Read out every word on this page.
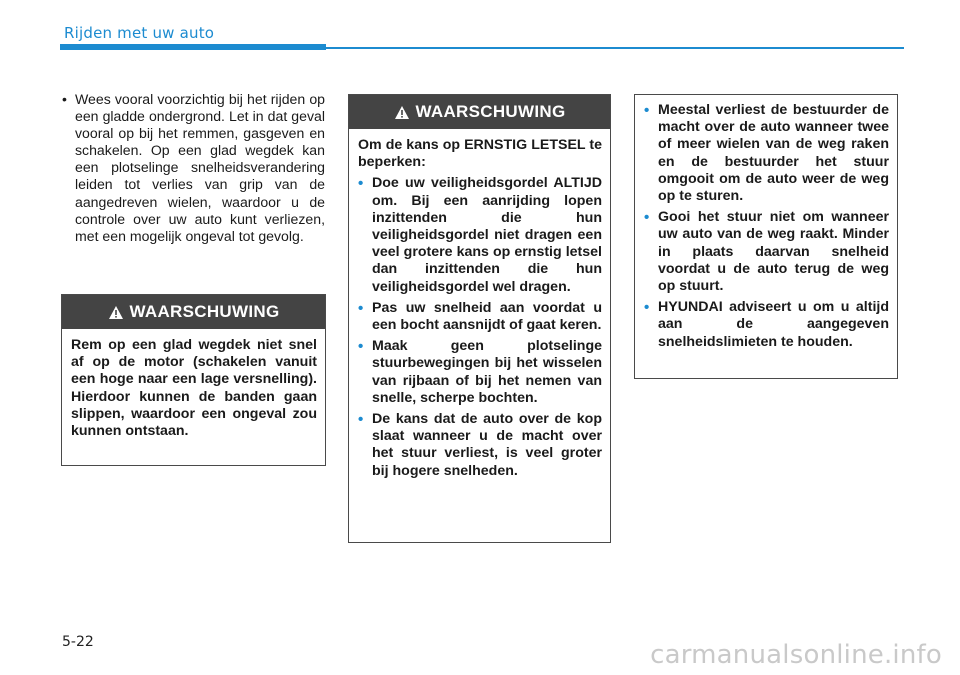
Rijden met uw auto
• Wees vooral voorzichtig bij het rijden op een gladde ondergrond. Let in dat geval vooral op bij het remmen, gasgeven en schakelen. Op een glad wegdek kan een plotselinge snelheidsverandering leiden tot verlies van grip van de aangedreven wielen, waardoor u de controle over uw auto kunt verliezen, met een mogelijk ongeval tot gevolg.
WAARSCHUWING

Rem op een glad wegdek niet snel af op de motor (schakelen vanuit een hoge naar een lage versnelling). Hierdoor kunnen de banden gaan slippen, waardoor een ongeval zou kunnen ontstaan.

WAARSCHUWING

Om de kans op ERNSTIG LETSEL te beperken:

• Doe uw veiligheidsgordel ALTIJD om. Bij een aanrijding lopen inzittenden die hun veiligheidsgordel niet dragen een veel grotere kans op ernstig letsel dan inzittenden die hun veiligheidsgordel wel dragen.
• Pas uw snelheid aan voordat u een bocht aansnijdt of gaat keren.
• Maak geen plotselinge stuurbewegingen bij het wisselen van rijbaan of bij het nemen van snelle, scherpe bochten.
• De kans dat de auto over de kop slaat wanneer u de macht over het stuur verliest, is veel groter bij hogere snelheden.
• Meestal verliest de bestuurder de macht over de auto wanneer twee of meer wielen van de weg raken en de bestuurder het stuur omgooit om de auto weer de weg op te sturen.
• Gooi het stuur niet om wanneer uw auto van de weg raakt. Minder in plaats daarvan snelheid voordat u de auto terug de weg op stuurt.
• HYUNDAI adviseert u om u altijd aan de aangegeven snelheidslimieten te houden.
5-22	carmanualsonline.info
